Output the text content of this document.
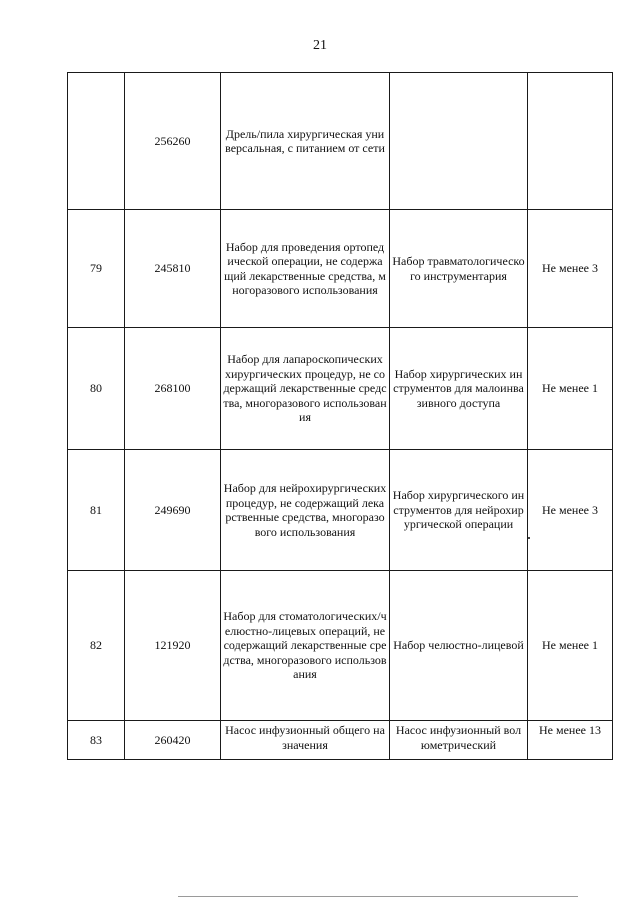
21
	256260	Дрель/пила хирургическая универсальная, с питанием от сети		

79	245810	Набор для проведения ортопедической операции, не содержащий лекарственные средства, многоразового использования	Набор травматологического инструментария	Не менее 3
80	268100	Набор для лапароскопических хирургических процедур, не содержащий лекарственные средства, многоразового использования	Набор хирургических инструментов для малоинвазивного доступа	Не менее 1
81	249690	Набор для нейрохирургических процедур, не содержащий лекарственные средства, многоразового использования	Набор хирургического инструментов для нейрохирургической операции	Не менее 3
82	121920	Набор для стоматологических/челюстно-лицевых операций, не содержащий лекарственные средства, многоразового использования	Набор челюстно-лицевой	Не менее 1
83	260420	Насос инфузионный общего назначения	Насос инфузионный волюметрический	Не менее 13
